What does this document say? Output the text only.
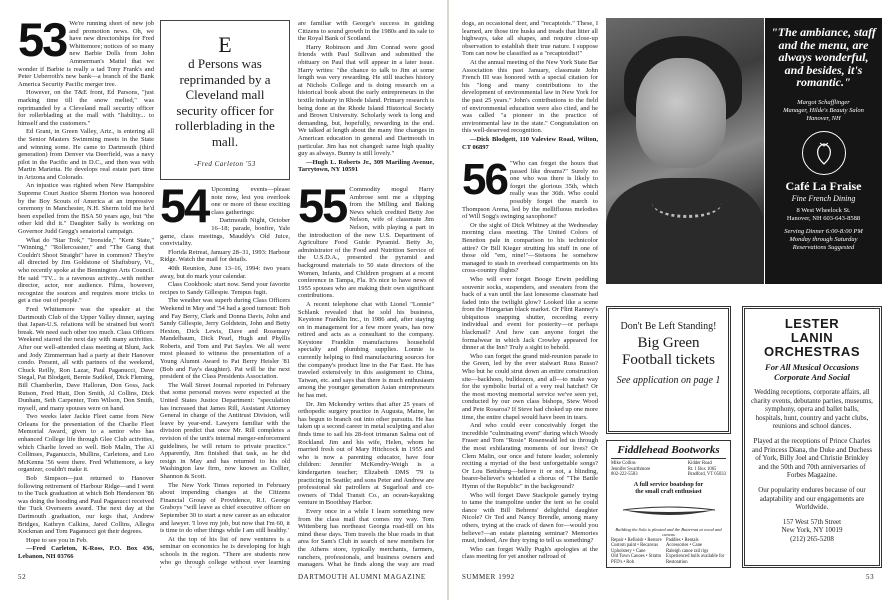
53 We're running short of new job and promotion news. Oh, we have new directorships for Fred Whittemore; notices of so many new Barbie Dolls from John Ammerman's Mattel that we wonder if Barbie is really a tad Tony Frank's and Peter Ueberroth's new bank—a branch of the Bank America Security Pacific merger tree.

However, on the T&E front, Ed Parsons, "just marking time till the snow melted," was reprimanded by a Cleveland mall security officer for rollerblading at the mall with "liability... to himself and the customers."

Ed Grant, in Green Valley, Ariz., is entering all the Senior Masters Swimming meets in the State and winning some. He came to Dartmouth (third generation) from Denver via Deerfield, was a navy pilot in the Pacific and in D.C., and then was with Martin Marietta. He develops real estate part time in Arizona and Colorado.

An injustice was righted when New Hampshire Supreme Court Justice Sherm Horton was honored by the Boy Scouts of America at an impressive ceremony in Manchester, N.H. Sherm told me he'd been expelled from the BSA 50 years ago, but "the other kid did it." Daughter Sally is working on Governor Judd Gregg's senatorial campaign.

What do "Star Trek," "Ironside," "Kent State," "Winning," "Rollercoaster," and "The Gang that Couldn't Shoot Straight" have in common? They're all directed by Jim Goldstone of Shaftsbury, Vt., who recently spoke at the Bennington Arts Council. He said "TV... is a ravenous activity...with neither director, actor, nor audience. Films, however, recognize the sources and requires more tricks to get a rise out of people."

Fred Whittemore was the speaker at the Dartmouth Club of the Upper Valley dinner, saying that Japan-U.S. relations will be strained but won't break. We need each other too much. Class Officers Weekend starred the next day with many activities. After our well-attended class meeting at Blunt, Jack and Jody Zimmerman had a party at their Hanover condo. Present, all with partners of the weekend, Chuck Reilly, Ron Lazar, Paul Paganucci, Dave Siegal, Pat Blodgett, Bernie Sudikof, Dick Fleming, Bill Chamberlin, Dave Halloran, Don Goss, Jack Rutson, Fred Hiatt, Don Smith, Al Collins, Dick Dunham, Seth Carpenter, Tom Wilson, Don Smith, myself, and many spouses were on hand.

Two weeks later Jackie Fleet came from New Orleans for the presentation of the Charlie Fleet Memorial Award, given to a senior who has enhanced College life through Glee Club activities, which Charlie loved so well. Bob Malin, The Al Collinses, Paganuccis, Mullins, Carletons, and Leo McKenna '56 were there. Fred Whittemore, a key organizer, couldn't make it.

Bob Simpson—just returned to Hanover following retirement of Harbour Ridge—and I went to the Tuck graduation at which Bob Henderson '86 was doing the hooding and Paul Paganucci received the Tuck Overseers award. The next day at the Dartmouth graduation, our kegs that, Andrew Bridges, Kathryn Calkins, Jared Collins, Allegra Kockman and Tom Paganucci got their degrees.

Hope to see you in Feb.

—Fred Carleton, K-Ross, P.O. Box 436, Lebanon, NH 03766

E
d Persons was reprimanded by a Cleveland mall security officer for rollerblading in the mall.
-Fred Carleton '53
54 Upcoming events—please note now, lest you overlook one or more of these exciting class gatherings:

Dartmouth Night, October 16–18; parade, bonfire, Yale game, class meetings, Mauddy's Old Juice, conviviality.

Florida Retreat, January 28–31, 1993: Harbour Ridge. Watch the mail for details.

40th Reunion, June 13–16, 1994: two years away, but do mark your calendar.

Class Cookbook: start now. Send your favorite recipes to Sandy Gillespie. Tempus fugit.

The weather was superb during Class Officers Weekend in May and '54 had a good turnout: Bob and Fay Berry, Clark and Donna Davis, John and Sandy Gillespie, Jerry Goldstein, John and Betty Hexton, Dick Lewis, Dave and Rosemary Mandelbaum, Dick Pearl, Hugh and Phyllis Roberts, and Tom and Pat Sayles. We all were most pleased to witness the presentation of a Young Alumni Award to Pat Berry Heisler '81 (Bob and Fay's daughter). Pat will be the next president of the Class Presidents Association.

The Wall Street Journal reported in February that some personal moves were expected at the United States Justice Department: "speculation has increased that James Rill, Assistant Attorney General in charge of the Antitrust Division, will leave by year-end. Lawyers familiar with the division predict that once Mr. Rill completes a revision of the unit's internal merger-enforcement guidelines, he will return to private practice." Apparently, Jim finished that task, as he did resign in May and has returned to his old Washington law firm, now known as Collier, Shannon & Scott.

The New York Times reported in February about impending changes at the Citizens Financial Group of Providence, R.I. George Graboys "will leave as chief executive officer on September 30 to start a new career as an educator and lawyer. 'I love my job, but now that I'm 60, it is time to do other things while I am still healthy.'

At the top of his list of new ventures is a seminar on economics he is developing for high schools in the region. "There are students now who go through college without ever learning

are familiar with George's success in guiding Citizens to sound growth in the 1980s and its sale to the Royal Bank of Scotland.

Harry Robinson and Jim Conrad were good friends with Paul Sullivan and submitted the obituary on Paul that will appear in a later issue. Harry writes: "the chance to talk to Jim at some length was very rewarding. He still teaches history at Nichols College and is doing research on a historical book about the early entrepreneurs in the textile industry in Rhode Island. Primary research is being done at the Rhode Island Historical Society and Brown University. Scholarly work is long and demanding, but, hopefully, rewarding in the end. We talked at length about the many fine changes in American education in general and Dartmouth in particular. Jim has not changed: same high quality guy as always. Bunny is still lovely."

—Hugh L. Roberts Jr., 309 Mariling Avenue, Tarrytown, NY 10591

55 Commodity mogul Harry Ambrose sent me a clipping from the Milling and Baking News which credited Betty Joe Nelson, wife of classmate Jim Nelson, with playing a part in the introduction of the new U.S. Department of Agriculture Food Guide Pyramid. Betty Jo, administrator of the Food and Nutrition Service of the U.S.D.A., presented the pyramid and background materials to 50 state directors of the Women, Infants, and Children program at a recent conference in Tampa, Fla. It's nice to have news of 1955 spouses who are making their own significant contributions.

A recent telephone chat with Lionel "Lonnie" Schlank revealed that he sold his business, Keystone Franklin Inc., in 1986 and, after staying on in management for a few more years, has now retired and acts as a consultant to the company. Keystone Franklin manufactures household specialty and plumbing supplies. Lonnie is currently helping to find manufacturing sources for the company's product line in the Far East. He has traveled extensively in this assignment to China, Taiwan, etc. and says that there is much enthusiasm among the younger generation Asian entrepreneurs he has met.

Dr. Jim Mckendry writes that after 25 years of orthopedic surgery practice in Augusta, Maine, he has begun to branch out into other pursuits. He has taken up a second career in metal sculpting and also finds time to sail his 28-foot trimaran Salma out of Rockland. Jim and his wife, Helen, whom he married fresh out of Mary Hitchcock in 1955 and who is now a parenting educator, have four children: Jennifer McKendry-Weigh is a kindergarten teacher; Elizabeth DMS '79 is practicing in Seattle; and sons Peter and Andrew are professional ski patrollers at Sugarloaf and co-owners of Tidal Transit Co., an ocean-kayaking venture in Boothbay Harbor.

Every once in a while I learn something new from the class mail that comes my way. Tom Wittenberg has northeast Georgia road-till on his mind these days. Tom travels the blue roads in that area for Sam's Club in search of new members for the Athens store, typically merchants, farmers, ranchers, professionals, and business owners and managers. What he finds along the way are road

52	DARTMOUTH ALUMNI MAGAZINE

dogs, an occasional deer, and "recaptoids." These, I learned, are those tire husks and treads that litter all highways, take all shapes, and require close-up observation to establish their true nature. I suppose Tom can now be classified as a "recaptoidist!"

At the annual meeting of the New York State Bar Association this past January, classmate John French III was honored with a special citation for his "long and many contributions to the development of environmental law in New York for the past 25 years." John's contributions to the field of environmental education were also cited, and he was called "a pioneer in the practice of environmental law in the state." Congratulation on this well-deserved recognition.

—Dick Blodgett, 110 Valeview Road, Wilton, CT 06897

56 "Who can forget the hours that passed like dreams?" Surely no one who was there is likely to forget the glorious 35th, which really was the 36th. Who could possibly forget the march to Thompson Arena, led by the mellifluous melodies of Will Sogg's swinging saxophone?

Or the sight of Dick Whitney at the Wednesday morning class meeting. The United Colors of Benetton pale in comparison to his technicolor attire? Or Bill Kieger strutting his stuff in one of those old "em, nine!"—Stetsons he somehow managed to stash in overhead compartments on his cross-country flights?

Who will ever forget Booge Erwin peddling souvenir socks, suspenders, and sweaters from the back of a van until the last lonesome classmate had faded into the twilight glow? Looked like a scene from the Hungarian black market. Or Flint Ranney's ubiquitous snapping shutter, recording every individual and event for posterity—or perhaps blackmail? And how can anyone forget the formalwear in which Jack Crowley appeared for dinner at the Inn? Truly a sight to behold.

Who can forget the grand mid-reunion parade to the Green, led by the ever stalwart Russ Russo? Who but he could strut down an entire construction site—backhoes, bulldozers, and all—to make way for the symbolic burial of a very real hatchet? Or the most moving memorial service we've seen yet, conducted by our own class bishops, Stew Wood and Pete Rosaroa? If Steve had choked up one more time, the entire chapel would have been in tears.

And who could ever conceivably forget the incredible "culminating event" during which Woody Fraser and Tom "Rosie" Rosenwald led us through the most exhilarating moments of our lives? Or Clem Malin, our once and future leader, solemnly reciting a myriad of the best unforgettable songs? Or Lou Bettsburg—believe it or not, a blinding, bearer-believer's whistled a chorus of "The Battle Hymn of the Republic" in the background?

Who will forget Dave Stackpole gamely trying to tame the trampoline under the tent so he could dance with Bill Behrens' delightful daughter Nicole? Or Ted and Nancy Brendle, among many others, trying at the crack of dawn for—would you believe?—an estate planning seminar? Memories must, indeed, Are they trying to tell us something?

Who can forget Wally Pugh's apologies at the class meeting for yet another railroad of

"The ambiance, staff and the menu, are always wonderful, and besides, it's romantic."
Margot Schafflinger
Manager, Hilde's Beauty Salon
Hanover, NH
Café La Fraise
Fine French Dining
8 West Wheelock St.
Hanover, NH 603-643-8588
Serving Dinner 6:00-8:00 PM
Monday through Saturday
Reservations Suggested
Don't Be Left Standing!
Big Green Football tickets
See application on page 1
LESTER
LANIN
ORCHESTRAS
For All Musical Occasions
Corporate And Social
Wedding receptions, corporate affairs, all charity events, debutante parties, museums, symphony, opera and ballet balls, hospitals, hunt, country and yacht clubs, reunions and school dances.
Played at the receptions of Prince Charles and Princess Diana, the Duke and Duchess of York, Billy Joel and Christie Brinkley and the 50th and 70th anniversaries of Forbes Magazine.
Our popularity endures because of our adaptability and our engagements are Worldwide.
157 West 57th Street
New York, NY 10019
(212) 265-5208
Fiddlehead Bootworks
Mike Collins
Jennifer Swarthmore
802-222-5583
Kidder Road
Rt. 1 Box 1065
Bradford, VT 05033
A full service boatshop for
the small craft enthusiast
Building the Sola is pleased and the Butternut at wood and canvas
Repair • Refinish • Restore
Custom paint • Recanvas
Upholstery • Cane
Old Town Canoes • Stratto PFD's • Rob
Paddles • Rentals
Accessories • Cane
Raleigh canoe rail rigs
Experienced hulls available for Restoration
SUMMER 1992	53
